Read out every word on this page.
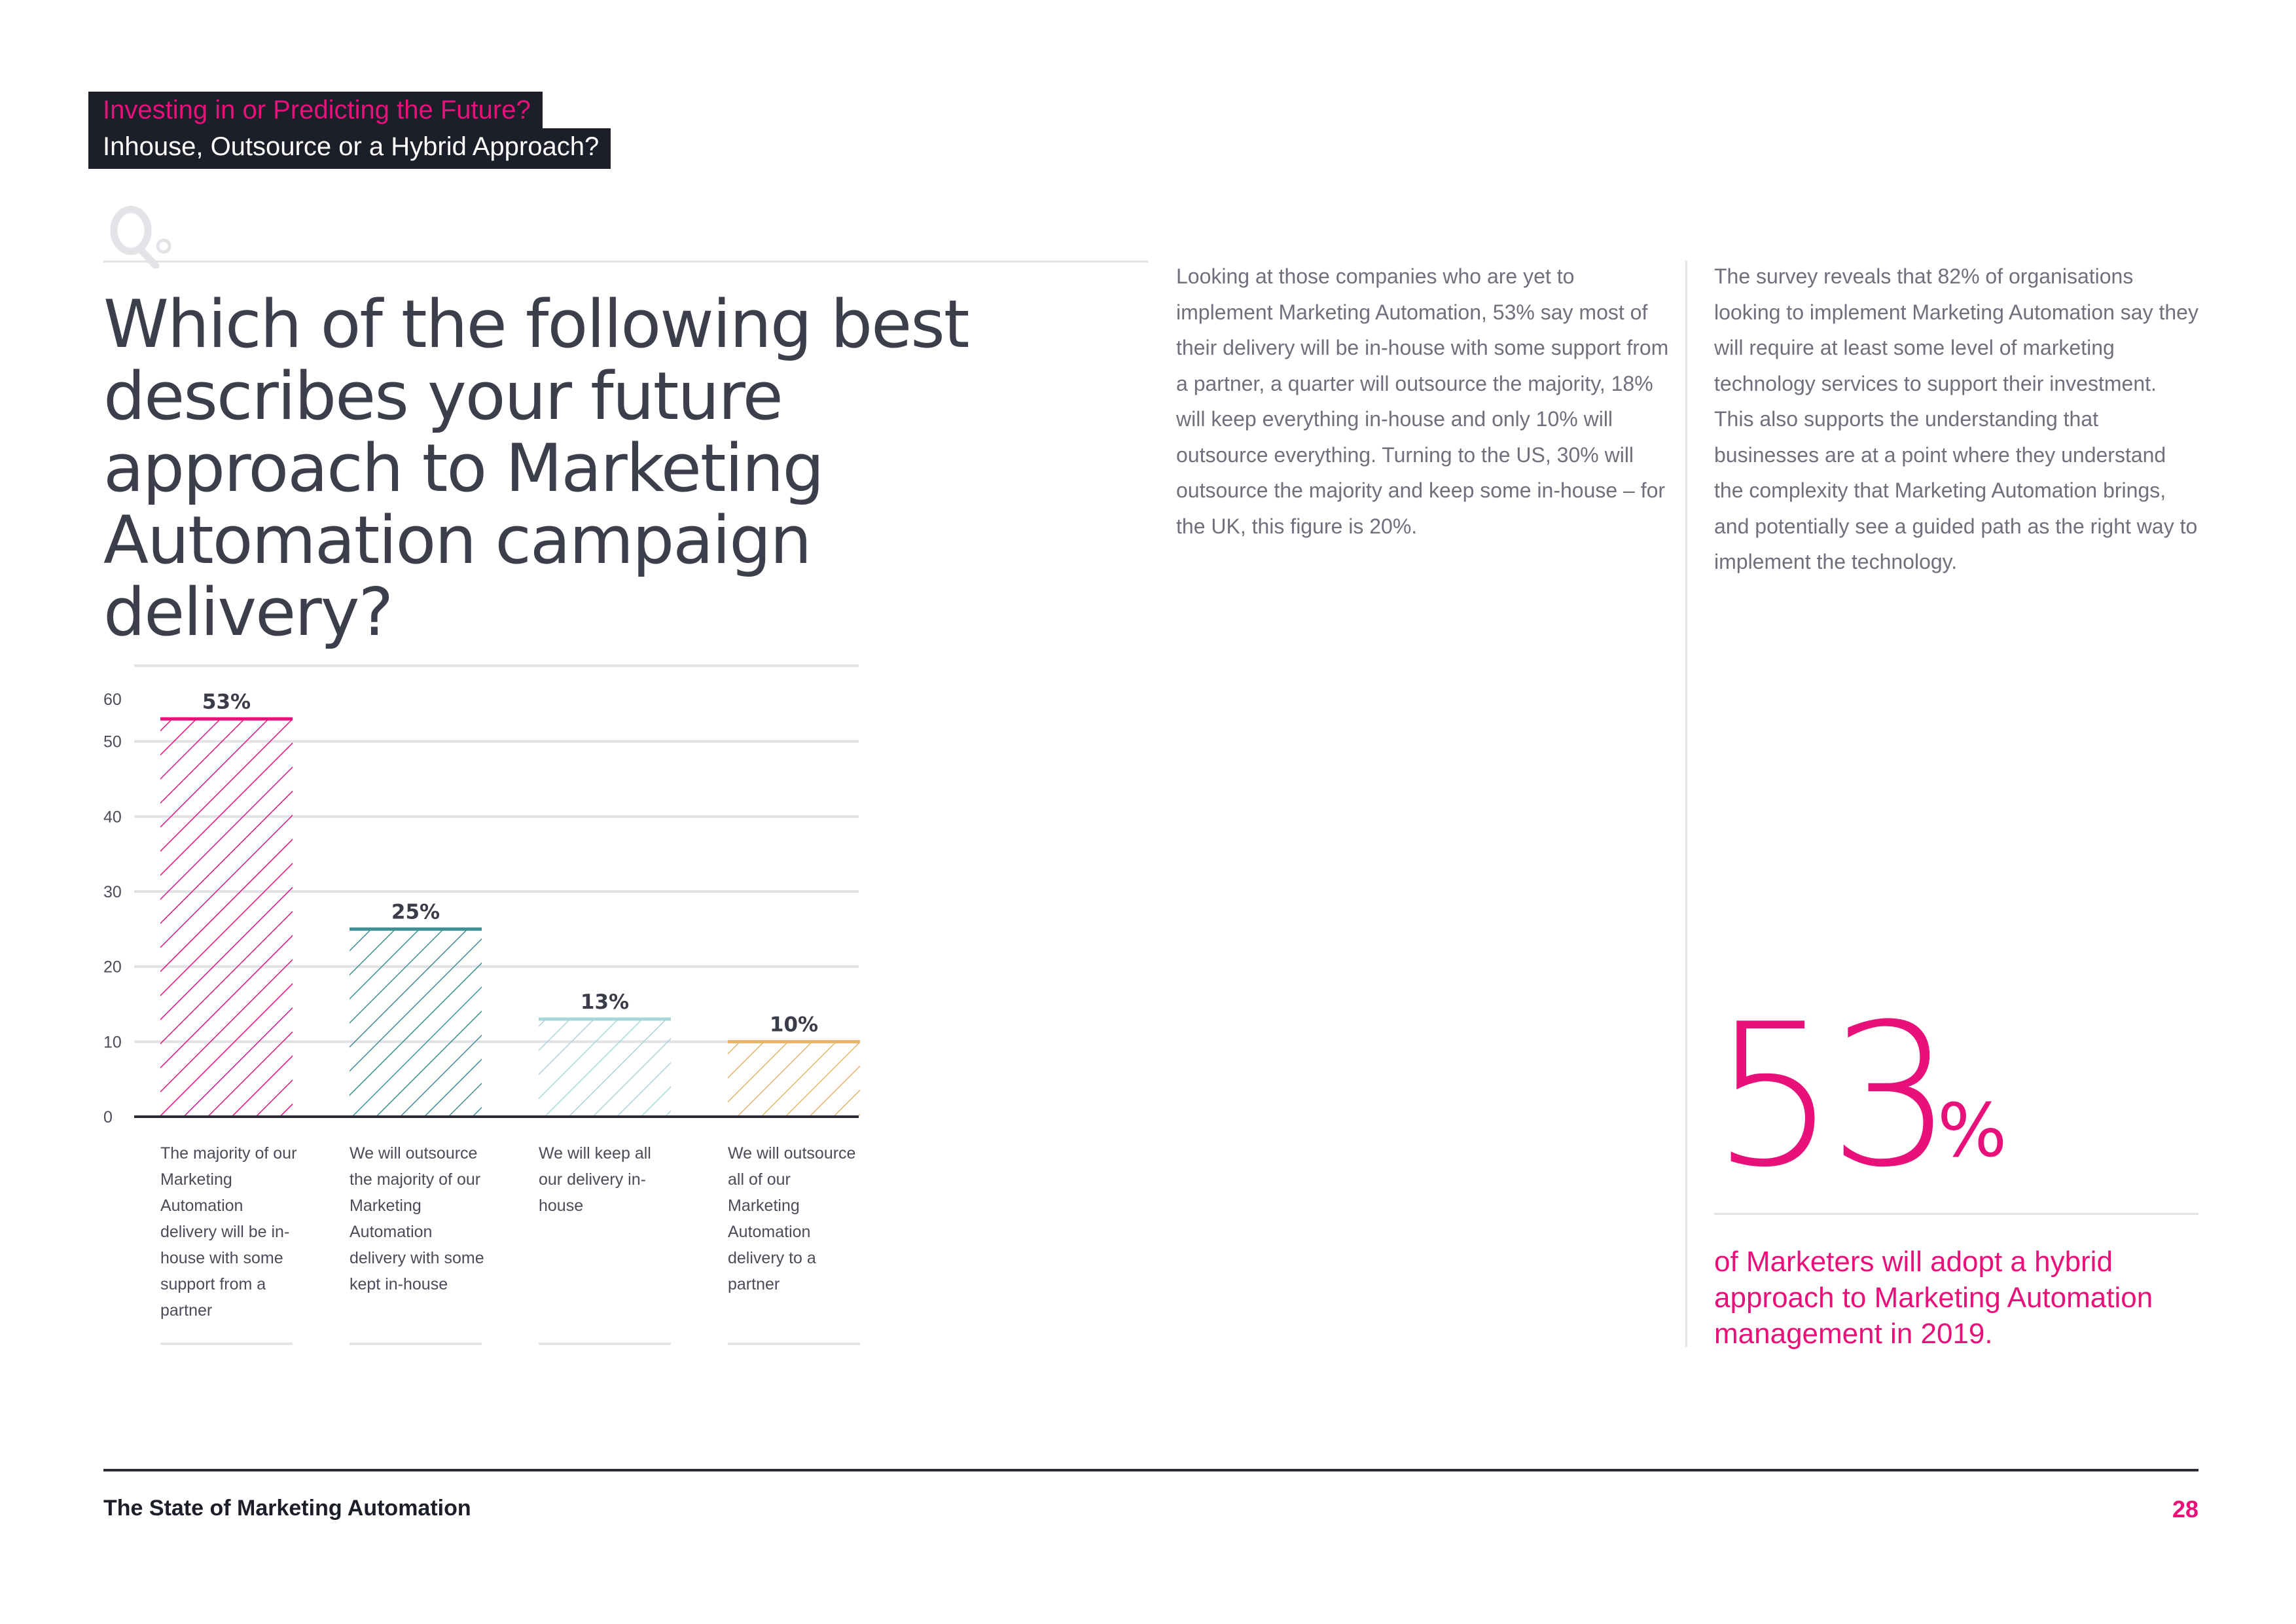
Investing in or Predicting the Future?
Inhouse, Outsource or a Hybrid Approach?
Which of the following best describes your future approach to Marketing Automation campaign delivery?

Looking at those companies who are yet to implement Marketing Automation, 53% say most of their delivery will be in-house with some support from a partner, a quarter will outsource the majority, 18% will keep everything in-house and only 10% will outsource everything. Turning to the US, 30% will outsource the majority and keep some in-house – for the UK, this figure is 20%.

The survey reveals that 82% of organisations looking to implement Marketing Automation say they will require at least some level of marketing technology services to support their investment. This also supports the understanding that businesses are at a point where they understand the complexity that Marketing Automation brings, and potentially see a guided path as the right way to implement the technology.

53
%

of Marketers will adopt a hybrid approach to Marketing Automation management in 2019.

0
10
20
30
40
50
60	53%
25%
13%
10%

The majority of our Marketing Automation delivery will be in-house with some support from a partner

We will outsource the majority of our Marketing Automation delivery with some kept in-house

We will keep all our delivery in-house

We will outsource all of our Marketing Automation delivery to a partner

The State of Marketing Automation	28
